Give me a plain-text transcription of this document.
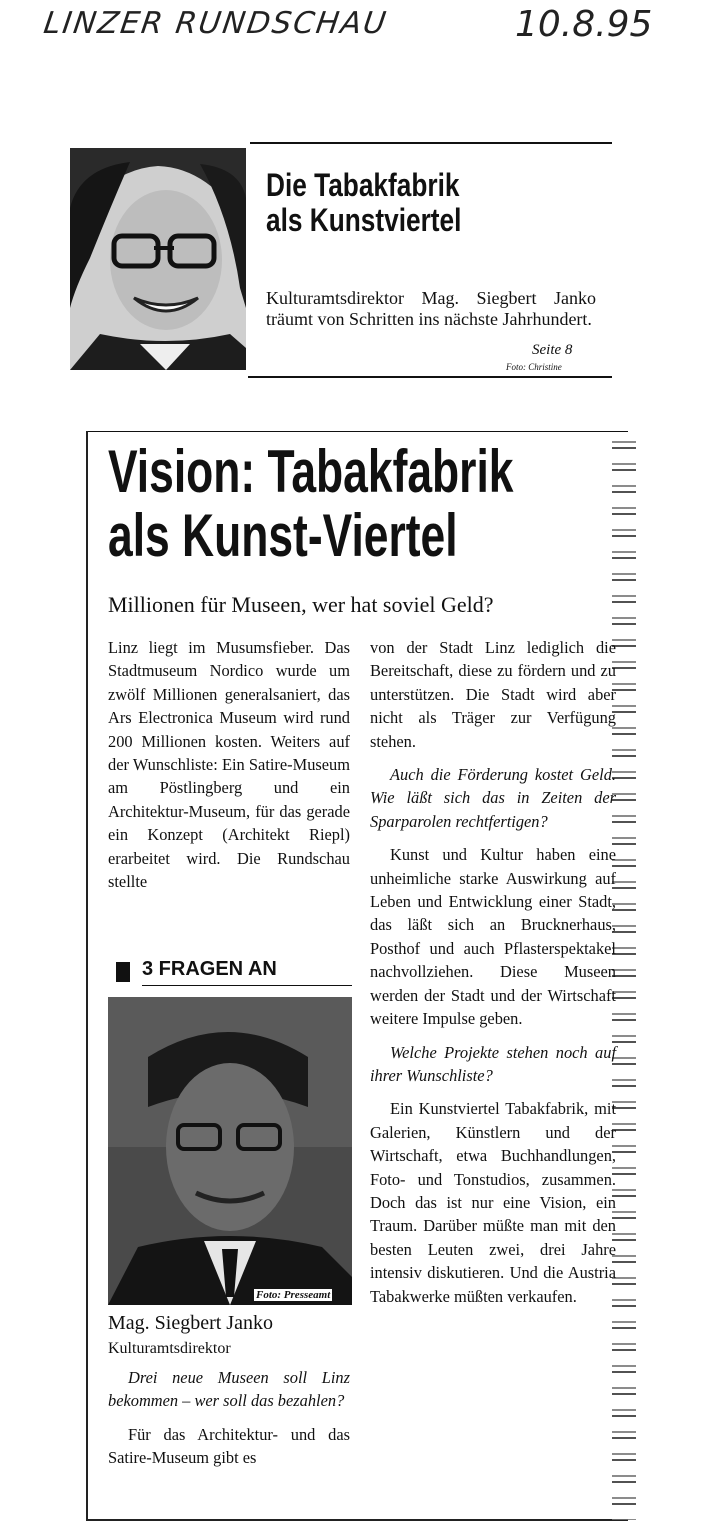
LINZER RUNDSCHAU	10.8.95
Die Tabakfabrik
als Kunstviertel
Kulturamtsdirektor Mag. Siegbert Janko träumt von Schritten ins nächste Jahrhundert.
Seite 8
Foto: Christine
Vision: Tabakfabrik
als Kunst-Viertel
Millionen für Museen, wer hat soviel Geld?

Linz liegt im Musumsfieber. Das Stadtmuseum Nordico wurde um zwölf Millionen generalsaniert, das Ars Electronica Museum wird rund 200 Millionen kosten. Weiters auf der Wunschliste: Ein Satire-Museum am Pöstlingberg und ein Architektur-Museum, für das gerade ein Konzept (Architekt Riepl) erarbeitet wird. Die Rundschau stellte

3 FRAGEN AN
Foto: Presseamt
Mag. Siegbert Janko
Kulturamtsdirektor

Drei neue Museen soll Linz bekommen – wer soll das bezahlen?

Für das Architektur- und das Satire-Museum gibt es

von der Stadt Linz lediglich die Bereitschaft, diese zu fördern und zu unterstützen. Die Stadt wird aber nicht als Träger zur Verfügung stehen.

Auch die Förderung kostet Geld. Wie läßt sich das in Zeiten der Sparparolen rechtfertigen?

Kunst und Kultur haben eine unheimliche starke Auswirkung auf Leben und Entwicklung einer Stadt, das läßt sich an Brucknerhaus, Posthof und auch Pflasterspektakel nachvollziehen. Diese Museen werden der Stadt und der Wirtschaft weitere Impulse geben.

Welche Projekte stehen noch auf ihrer Wunschliste?

Ein Kunstviertel Tabakfabrik, mit Galerien, Künstlern und der Wirtschaft, etwa Buchhandlungen, Foto- und Tonstudios, zusammen. Doch das ist nur eine Vision, ein Traum. Darüber müßte man mit den besten Leuten zwei, drei Jahre intensiv diskutieren. Und die Austria Tabakwerke müßten verkaufen.
